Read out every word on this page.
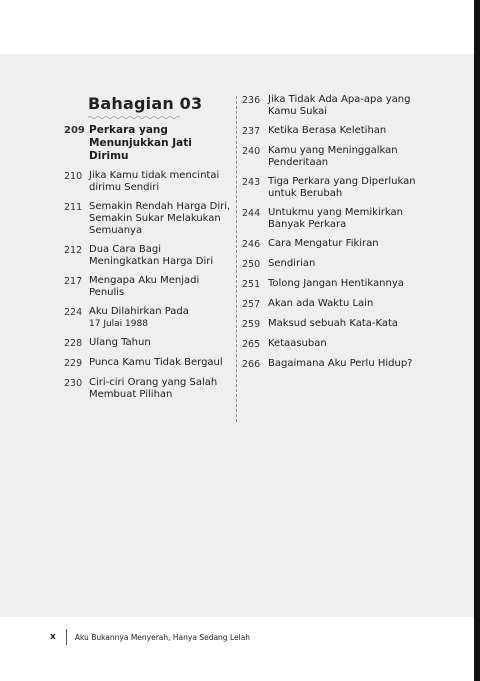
Bahagian 03
209 Perkara yang Menunjukkan Jati Dirimu
210 Jika Kamu tidak mencintai dirimu Sendiri
211 Semakin Rendah Harga Diri, Semakin Sukar Melakukan Semuanya
212 Dua Cara Bagi Meningkatkan Harga Diri
217 Mengapa Aku Menjadi Penulis
224 Aku Dilahirkan Pada
17 Julai 1988
228 Ulang Tahun
229 Punca Kamu Tidak Bergaul
230 Ciri-ciri Orang yang Salah Membuat Pilihan
236 Jika Tidak Ada Apa-apa yang Kamu Sukai
237 Ketika Berasa Keletihan
240 Kamu yang Meninggalkan Penderitaan
243 Tiga Perkara yang Diperlukan untuk Berubah
244 Untukmu yang Memikirkan Banyak Perkara
246 Cara Mengatur Fikiran
250 Sendirian
251 Tolong Jangan Hentikannya
257 Akan ada Waktu Lain
259 Maksud sebuah Kata-Kata
265 Ketaasuban
266 Bagaimana Aku Perlu Hidup?
x	Aku Bukannya Menyerah, Hanya Sedang Lelah
